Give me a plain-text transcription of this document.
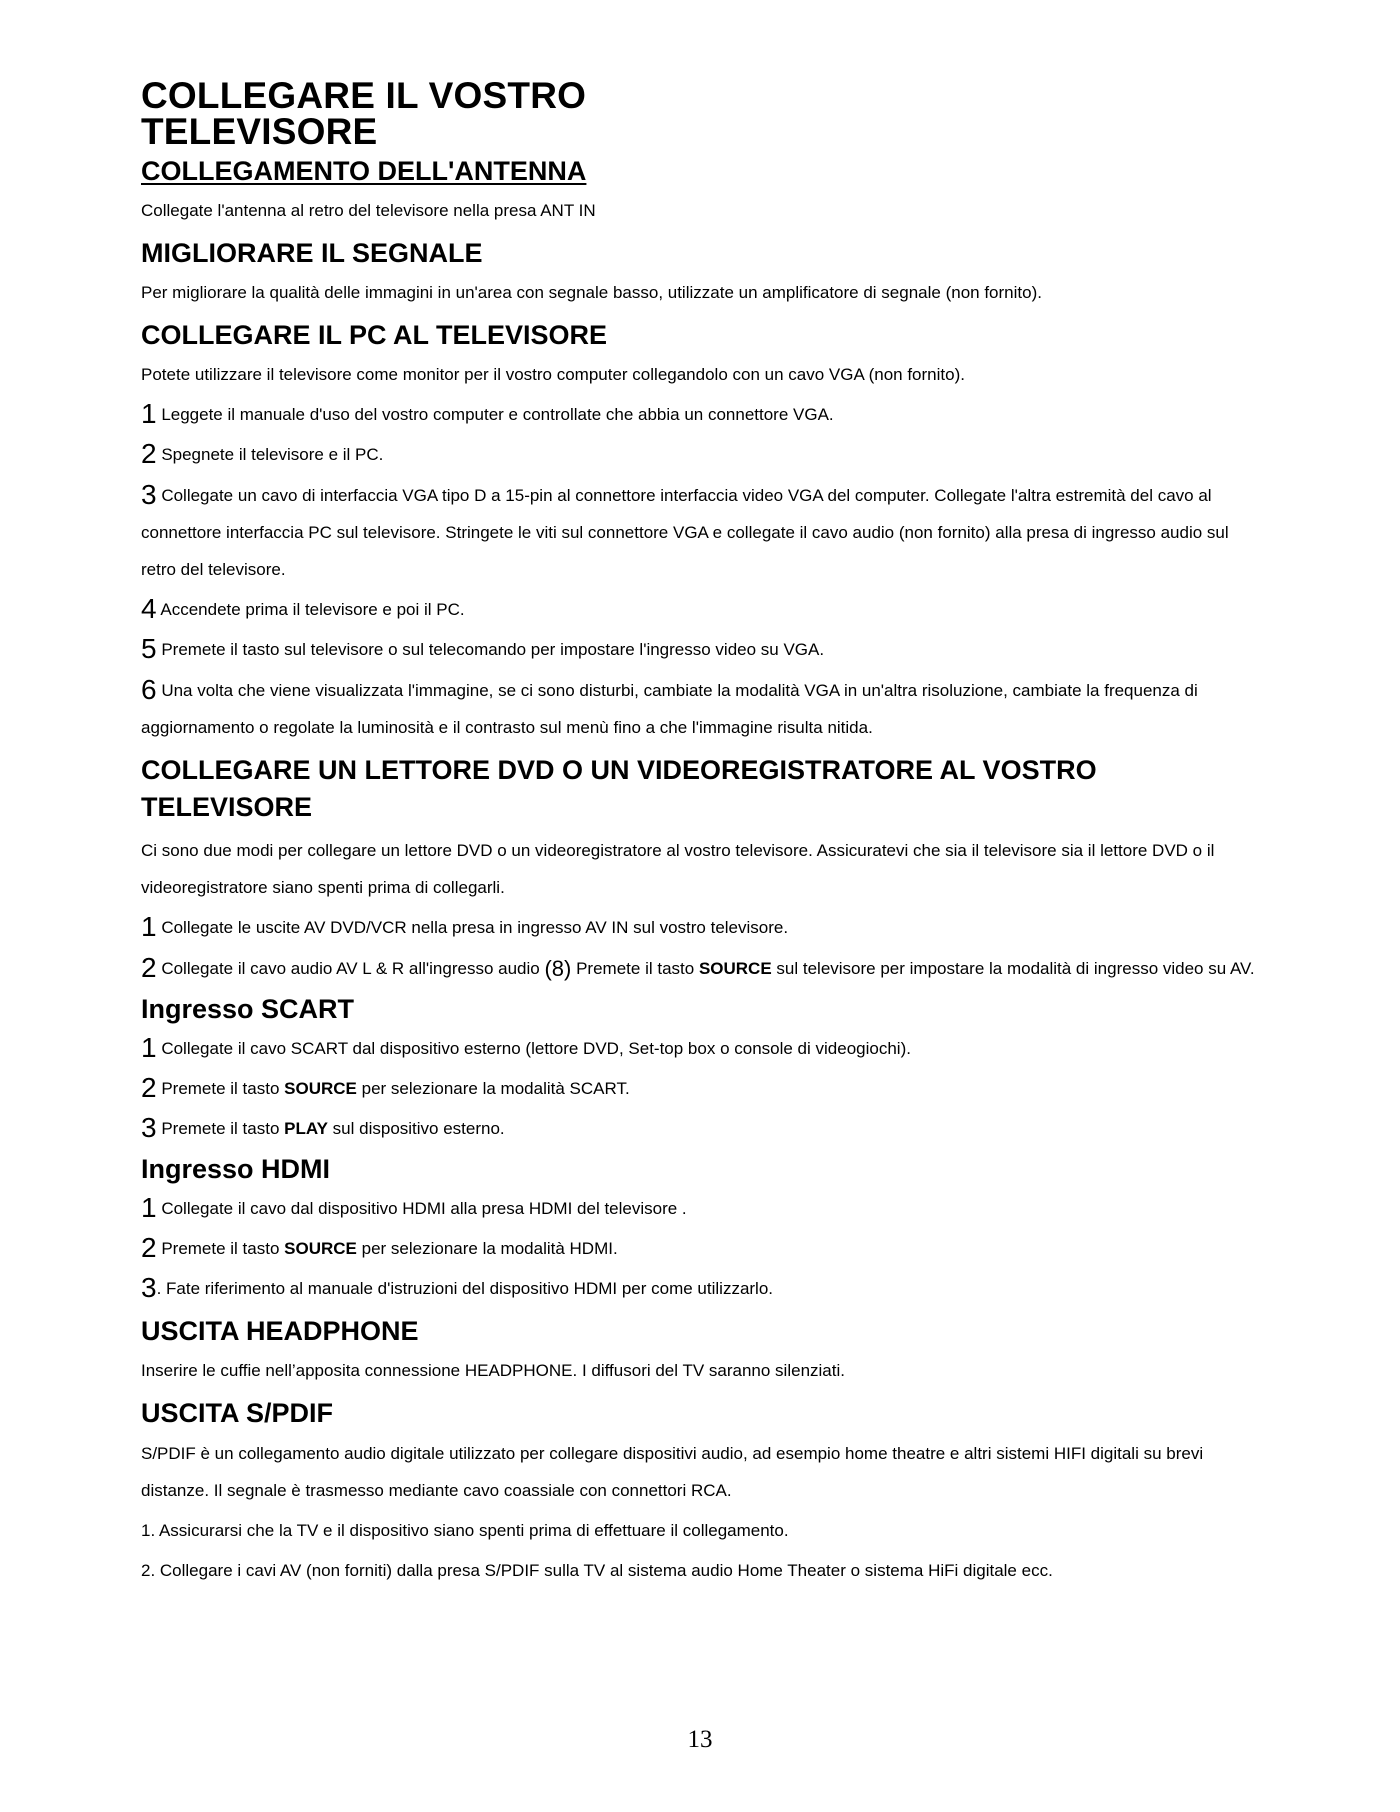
COLLEGARE IL VOSTRO TELEVISORE
COLLEGAMENTO DELL'ANTENNA

Collegate l'antenna al retro del televisore nella presa ANT IN

MIGLIORARE IL SEGNALE

Per migliorare la qualità delle immagini in un'area con segnale basso, utilizzate un amplificatore di segnale (non fornito).

COLLEGARE IL PC AL TELEVISORE

Potete utilizzare il televisore come monitor per il vostro computer collegandolo con un cavo VGA (non fornito).

1 Leggete il manuale d'uso del vostro computer e controllate che abbia un connettore VGA.

2 Spegnete il televisore e il PC.

3 Collegate un cavo di interfaccia VGA tipo D a 15-pin al connettore interfaccia video VGA del computer. Collegate l'altra estremità del cavo al connettore interfaccia PC sul televisore. Stringete le viti sul connettore VGA e collegate il cavo audio (non fornito) alla presa di ingresso audio sul retro del televisore.

4 Accendete prima il televisore e poi il PC.

5 Premete il tasto sul televisore o sul telecomando per impostare l'ingresso video su VGA.

6 Una volta che viene visualizzata l'immagine, se ci sono disturbi, cambiate la modalità VGA in un'altra risoluzione, cambiate la frequenza di aggiornamento o regolate la luminosità e il contrasto sul menù fino a che l'immagine risulta nitida.

COLLEGARE UN LETTORE DVD O UN VIDEOREGISTRATORE AL VOSTRO TELEVISORE

Ci sono due modi per collegare un lettore DVD o un videoregistratore al vostro televisore. Assicuratevi che sia il televisore sia il lettore DVD o il videoregistratore siano spenti prima di collegarli.

1 Collegate le uscite AV DVD/VCR nella presa in ingresso AV IN sul vostro televisore.

2 Collegate il cavo audio AV L & R all'ingresso audio (8) Premete il tasto SOURCE sul televisore per impostare la modalità di ingresso video su AV.

Ingresso SCART

1 Collegate il cavo SCART dal dispositivo esterno (lettore DVD, Set-top box o console di videogiochi).

2 Premete il tasto SOURCE per selezionare la modalità SCART.

3 Premete il tasto PLAY sul dispositivo esterno.

Ingresso HDMI

1 Collegate il cavo dal dispositivo HDMI alla presa HDMI del televisore .

2 Premete il tasto SOURCE per selezionare la modalità HDMI.

3. Fate riferimento al manuale d'istruzioni del dispositivo HDMI per come utilizzarlo.

USCITA HEADPHONE

Inserire le cuffie nell’apposita connessione HEADPHONE. I diffusori del TV saranno silenziati.

USCITA S/PDIF

S/PDIF è un collegamento audio digitale utilizzato per collegare dispositivi audio, ad esempio home theatre e altri sistemi HIFI digitali su brevi distanze. Il segnale è trasmesso mediante cavo coassiale con connettori RCA.

1. Assicurarsi che la TV e il dispositivo siano spenti prima di effettuare il collegamento.

2. Collegare i cavi AV (non forniti) dalla presa S/PDIF sulla TV al sistema audio Home Theater o sistema HiFi digitale ecc.

13
